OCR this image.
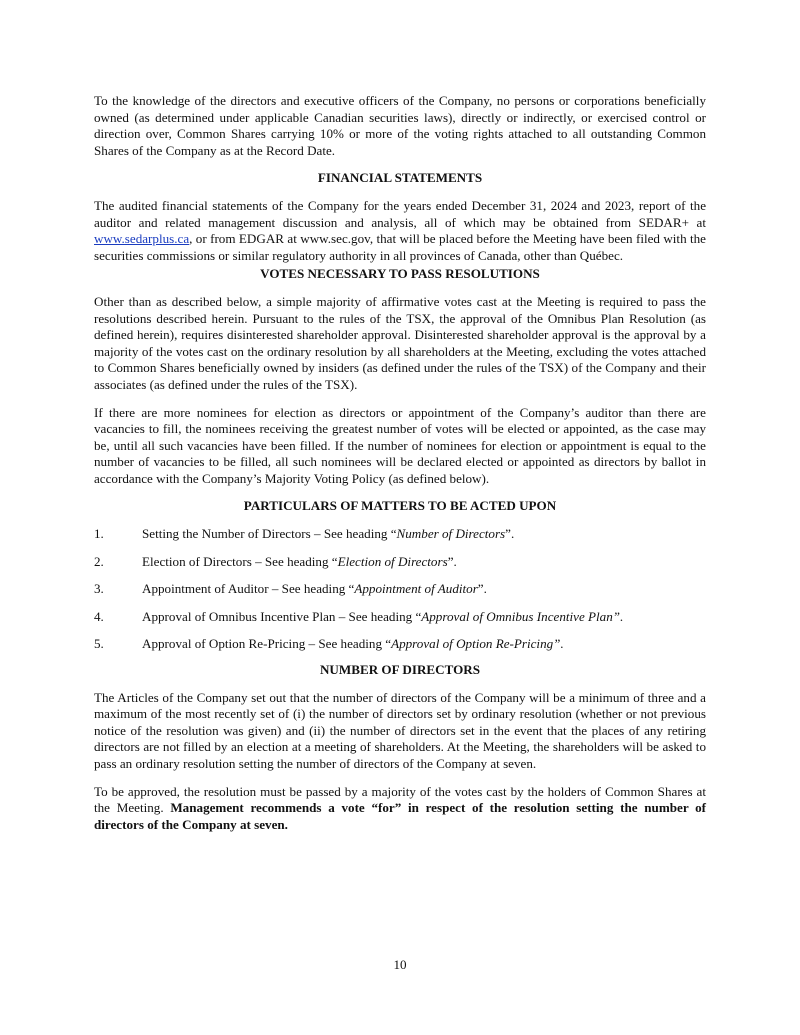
To the knowledge of the directors and executive officers of the Company, no persons or corporations beneficially owned (as determined under applicable Canadian securities laws), directly or indirectly, or exercised control or direction over, Common Shares carrying 10% or more of the voting rights attached to all outstanding Common Shares of the Company as at the Record Date.

FINANCIAL STATEMENTS

The audited financial statements of the Company for the years ended December 31, 2024 and 2023, report of the auditor and related management discussion and analysis, all of which may be obtained from SEDAR+ at www.sedarplus.ca, or from EDGAR at www.sec.gov, that will be placed before the Meeting have been filed with the securities commissions or similar regulatory authority in all provinces of Canada, other than Québec.

VOTES NECESSARY TO PASS RESOLUTIONS

Other than as described below, a simple majority of affirmative votes cast at the Meeting is required to pass the resolutions described herein. Pursuant to the rules of the TSX, the approval of the Omnibus Plan Resolution (as defined herein), requires disinterested shareholder approval. Disinterested shareholder approval is the approval by a majority of the votes cast on the ordinary resolution by all shareholders at the Meeting, excluding the votes attached to Common Shares beneficially owned by insiders (as defined under the rules of the TSX) of the Company and their associates (as defined under the rules of the TSX).

If there are more nominees for election as directors or appointment of the Company’s auditor than there are vacancies to fill, the nominees receiving the greatest number of votes will be elected or appointed, as the case may be, until all such vacancies have been filled. If the number of nominees for election or appointment is equal to the number of vacancies to be filled, all such nominees will be declared elected or appointed as directors by ballot in accordance with the Company’s Majority Voting Policy (as defined below).

PARTICULARS OF MATTERS TO BE ACTED UPON
1.	Setting the Number of Directors – See heading “Number of Directors”.
2.	Election of Directors – See heading “Election of Directors”.
3.	Appointment of Auditor – See heading “Appointment of Auditor”.
4.	Approval of Omnibus Incentive Plan – See heading “Approval of Omnibus Incentive Plan”.
5.	Approval of Option Re-Pricing – See heading “Approval of Option Re-Pricing”.
NUMBER OF DIRECTORS

The Articles of the Company set out that the number of directors of the Company will be a minimum of three and a maximum of the most recently set of (i) the number of directors set by ordinary resolution (whether or not previous notice of the resolution was given) and (ii) the number of directors set in the event that the places of any retiring directors are not filled by an election at a meeting of shareholders. At the Meeting, the shareholders will be asked to pass an ordinary resolution setting the number of directors of the Company at seven.

To be approved, the resolution must be passed by a majority of the votes cast by the holders of Common Shares at the Meeting. Management recommends a vote “for” in respect of the resolution setting the number of directors of the Company at seven.

10
